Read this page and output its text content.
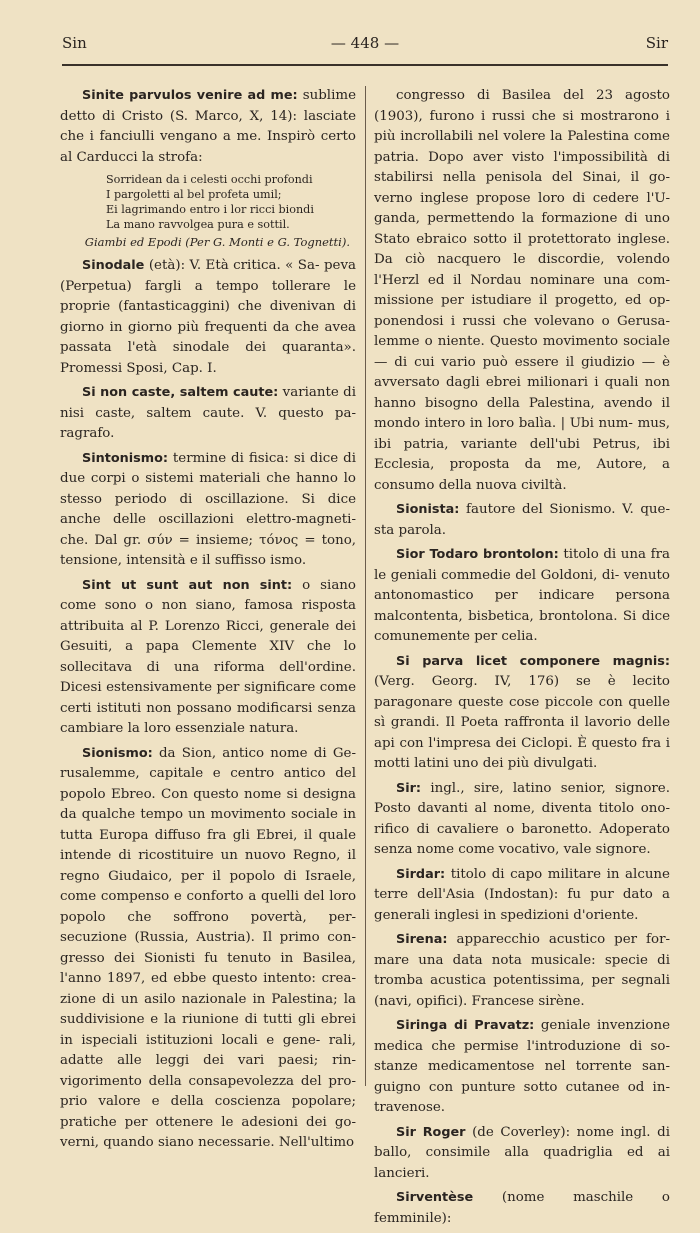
Sin	— 448 —	Sir
Sinite parvulos venire ad me: sublime detto di Cristo (S. Marco, X, 14): lasciate che i fanciulli vengano a me. Inspirò certo al Carducci la strofa:
Sorridean da i celesti occhi profondi
I pargoletti al bel profeta umil;
Ei lagrimando entro i lor ricci biondi
La mano ravvolgea pura e sottil.
Giambi ed Epodi (Per G. Monti e G. Tognetti).
Sinodale (età): V. Età critica. « Sa- peva (Perpetua) fargli a tempo tollerare le proprie (fantasticaggini) che divenivan di giorno in giorno più frequenti da che avea passata l'età sinodale dei quaranta». Promessi Sposi, Cap. I.
Si non caste, saltem caute: variante di nisi caste, saltem caute. V. questo pa- ragrafo.
Sintonismo: termine di fisica: si dice di due corpi o sistemi materiali che hanno lo stesso periodo di oscillazione. Si dice anche delle oscillazioni elettro-magneti- che. Dal gr. σύν = insieme; τόνος = tono, tensione, intensità e il suffisso ismo.
Sint ut sunt aut non sint: o siano come sono o non siano, famosa risposta attribuita al P. Lorenzo Ricci, generale dei Gesuiti, a papa Clemente XIV che lo sollecitava di una riforma dell'ordine. Dicesi estensivamente per significare come certi istituti non possano modificarsi senza cambiare la loro essenziale natura.
Sionismo: da Sion, antico nome di Ge- rusalemme, capitale e centro antico del popolo Ebreo. Con questo nome si designa da qualche tempo un movimento sociale in tutta Europa diffuso fra gli Ebrei, il quale intende di ricostituire un nuovo Regno, il regno Giudaico, per il popolo di Israele, come compenso e conforto a quelli del loro popolo che soffrono povertà, per- secuzione (Russia, Austria). Il primo con- gresso dei Sionisti fu tenuto in Basilea, l'anno 1897, ed ebbe questo intento: crea- zione di un asilo nazionale in Palestina; la suddivisione e la riunione di tutti gli ebrei in ispeciali istituzioni locali e gene- rali, adatte alle leggi dei vari paesi; rin- vigorimento della consapevolezza del pro- prio valore e della coscienza popolare; pratiche per ottenere le adesioni dei go- verni, quando siano necessarie. Nell'ultimo
congresso di Basilea del 23 agosto (1903), furono i russi che si mostrarono i più incrollabili nel volere la Palestina come patria. Dopo aver visto l'impossibilità di stabilirsi nella penisola del Sinai, il go- verno inglese propose loro di cedere l'U- ganda, permettendo la formazione di uno Stato ebraico sotto il protettorato inglese. Da ciò nacquero le discordie, volendo l'Herzl ed il Nordau nominare una com- missione per istudiare il progetto, ed op- ponendosi i russi che volevano o Gerusa- lemme o niente. Questo movimento sociale — di cui vario può essere il giudizio — è avversato dagli ebrei milionari i quali non hanno bisogno della Palestina, avendo il mondo intero in loro balìa. | Ubi num- mus, ibi patria, variante dell'ubi Petrus, ibi Ecclesia, proposta da me, Autore, a consumo della nuova civiltà.
Sionista: fautore del Sionismo. V. que- sta parola.
Sior Todaro brontolon: titolo di una fra le geniali commedie del Goldoni, di- venuto antonomastico per indicare persona malcontenta, bisbetica, brontolona. Si dice comunemente per celia.
Si parva licet componere magnis: (Verg. Georg. IV, 176) se è lecito paragonare queste cose piccole con quelle sì grandi. Il Poeta raffronta il lavorio delle api con l'impresa dei Ciclopi. È questo fra i motti latini uno dei più divulgati.
Sir: ingl., sire, latino senior, signore. Posto davanti al nome, diventa titolo ono- rifico di cavaliere o baronetto. Adoperato senza nome come vocativo, vale signore.
Sirdar: titolo di capo militare in alcune terre dell'Asia (Indostan): fu pur dato a generali inglesi in spedizioni d'oriente.
Sirena: apparecchio acustico per for- mare una data nota musicale: specie di tromba acustica potentissima, per segnali (navi, opifici). Francese sirène.
Siringa di Pravatz: geniale invenzione medica che permise l'introduzione di so- stanze medicamentose nel torrente san- guigno con punture sotto cutanee od in- travenose.
Sir Roger (de Coverley): nome ingl. di ballo, consimile alla quadriglia ed ai lancieri.
Sirventèse (nome maschile o femminile):
